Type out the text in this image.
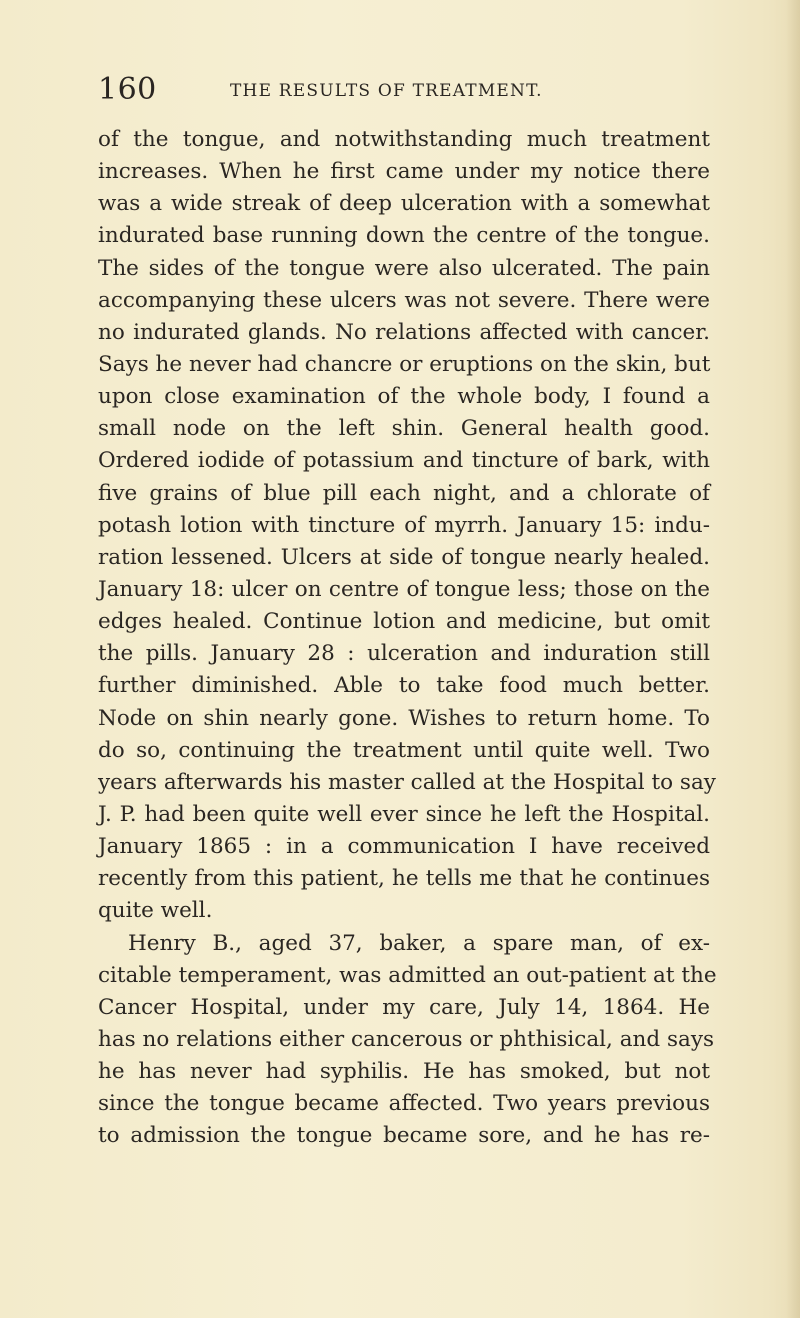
160	THE RESULTS OF TREATMENT.
of the tongue, and notwithstanding much treatment
increases. When he first came under my notice there
was a wide streak of deep ulceration with a somewhat
indurated base running down the centre of the tongue.
The sides of the tongue were also ulcerated. The pain
accompanying these ulcers was not severe. There were
no indurated glands. No relations affected with cancer.
Says he never had chancre or eruptions on the skin, but
upon close examination of the whole body, I found a
small node on the left shin. General health good.
Ordered iodide of potassium and tincture of bark, with
five grains of blue pill each night, and a chlorate of
potash lotion with tincture of myrrh. January 15: indu-
ration lessened. Ulcers at side of tongue nearly healed.
January 18: ulcer on centre of tongue less; those on the
edges healed. Continue lotion and medicine, but omit
the pills. January 28 : ulceration and induration still
further diminished. Able to take food much better.
Node on shin nearly gone. Wishes to return home. To
do so, continuing the treatment until quite well. Two
years afterwards his master called at the Hospital to say
J. P. had been quite well ever since he left the Hospital.
January 1865 : in a communication I have received
recently from this patient, he tells me that he continues
quite well.
Henry B., aged 37, baker, a spare man, of ex-
citable temperament, was admitted an out-patient at the
Cancer Hospital, under my care, July 14, 1864. He
has no relations either cancerous or phthisical, and says
he has never had syphilis. He has smoked, but not
since the tongue became affected. Two years previous
to admission the tongue became sore, and he has re-
